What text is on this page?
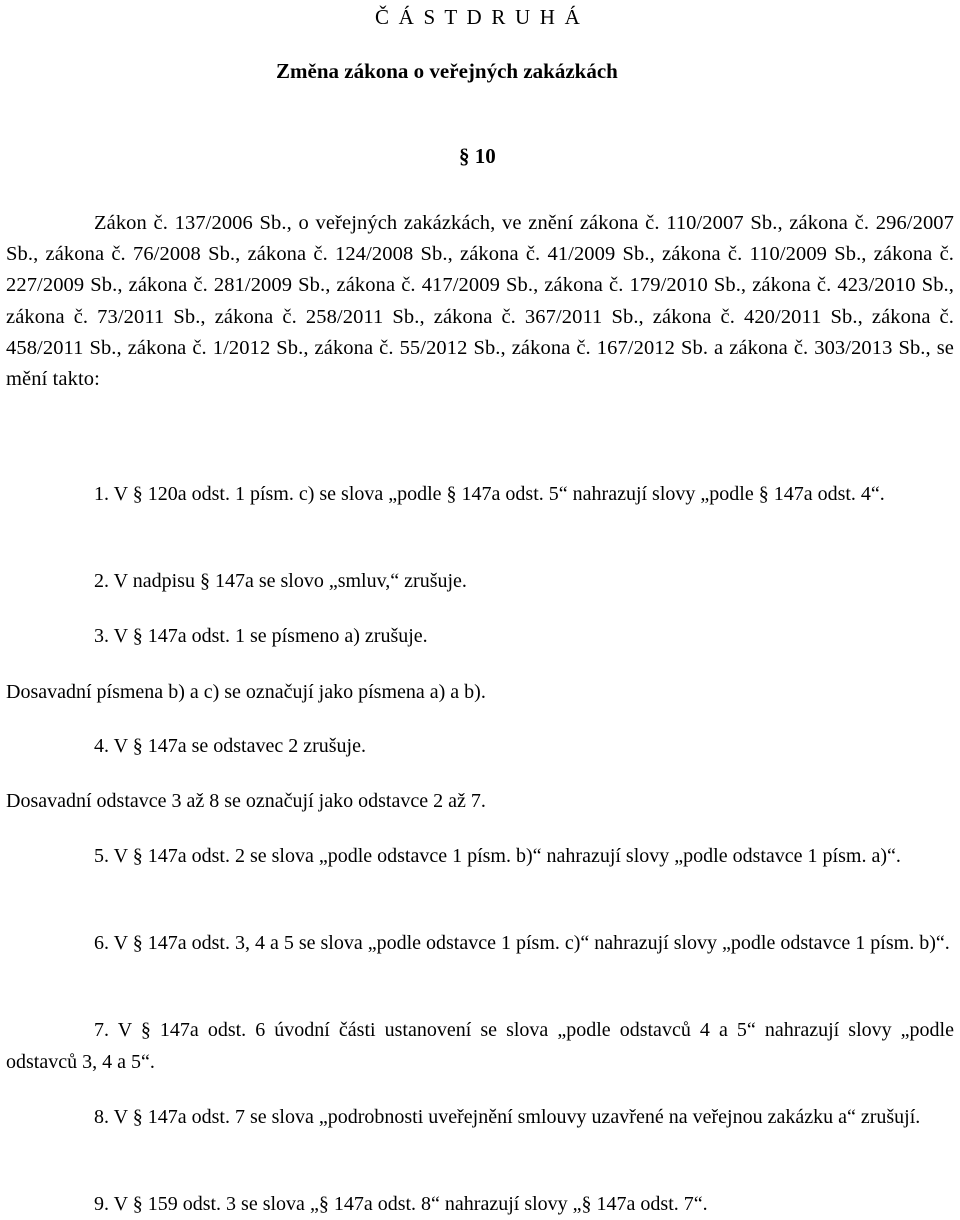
Č Á S T D R U H Á
Změna zákona o veřejných zakázkách
§ 10

Zákon č. 137/2006 Sb., o veřejných zakázkách, ve znění zákona č. 110/2007 Sb., zákona č. 296/2007 Sb., zákona č. 76/2008 Sb., zákona č. 124/2008 Sb., zákona č. 41/2009 Sb., zákona č. 110/2009 Sb., zákona č. 227/2009 Sb., zákona č. 281/2009 Sb., zákona č. 417/2009 Sb., zákona č. 179/2010 Sb., zákona č. 423/2010 Sb., zákona č. 73/2011 Sb., zákona č. 258/2011 Sb., zákona č. 367/2011 Sb., zákona č. 420/2011 Sb., zákona č. 458/2011 Sb., zákona č. 1/2012 Sb., zákona č. 55/2012 Sb., zákona č. 167/2012 Sb. a zákona č. 303/2013 Sb., se mění takto:

1. V § 120a odst. 1 písm. c) se slova „podle § 147a odst. 5“ nahrazují slovy „podle § 147a odst. 4“.

2. V nadpisu § 147a se slovo „smluv,“ zrušuje.

3. V § 147a odst. 1 se písmeno a) zrušuje.

Dosavadní písmena b) a c) se označují jako písmena a) a b).

4. V § 147a se odstavec 2 zrušuje.

Dosavadní odstavce 3 až 8 se označují jako odstavce 2 až 7.

5. V § 147a odst. 2 se slova „podle odstavce 1 písm. b)“ nahrazují slovy „podle odstavce 1 písm. a)“.

6. V § 147a odst. 3, 4 a 5 se slova „podle odstavce 1 písm. c)“ nahrazují slovy „podle odstavce 1 písm. b)“.

7. V § 147a odst. 6 úvodní části ustanovení se slova „podle odstavců 4 a 5“ nahrazují slovy „podle odstavců 3, 4 a 5“.

8. V § 147a odst. 7 se slova „podrobnosti uveřejnění smlouvy uzavřené na veřejnou zakázku a“ zrušují.

9. V § 159 odst. 3 se slova „§ 147a odst. 8“ nahrazují slovy „§ 147a odst. 7“.
